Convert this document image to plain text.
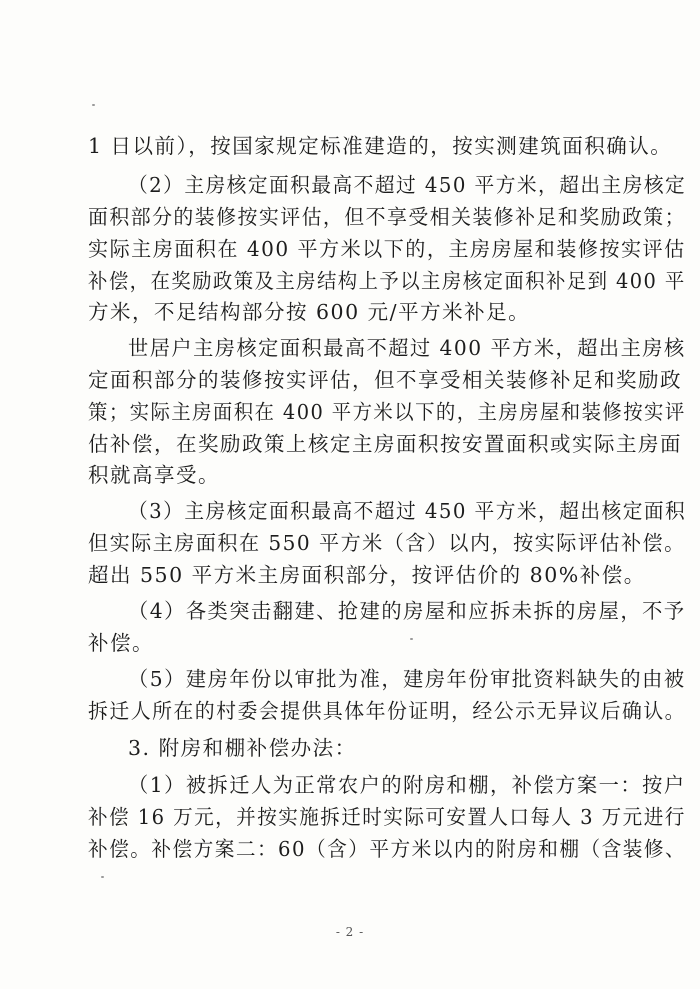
1 日以前），按国家规定标准建造的，按实测建筑面积确认。
（2）主房核定面积最高不超过 450 平方米，超出主房核定
面积部分的装修按实评估，但不享受相关装修补足和奖励政策；
实际主房面积在 400 平方米以下的，主房房屋和装修按实评估
补偿，在奖励政策及主房结构上予以主房核定面积补足到 400 平
方米，不足结构部分按 600 元/平方米补足。
世居户主房核定面积最高不超过 400 平方米，超出主房核
定面积部分的装修按实评估，但不享受相关装修补足和奖励政
策；实际主房面积在 400 平方米以下的，主房房屋和装修按实评
估补偿，在奖励政策上核定主房面积按安置面积或实际主房面
积就高享受。
（3）主房核定面积最高不超过 450 平方米，超出核定面积
但实际主房面积在 550 平方米（含）以内，按实际评估补偿。
超出 550 平方米主房面积部分，按评估价的 80%补偿。
（4）各类突击翻建、抢建的房屋和应拆未拆的房屋，不予
补偿。
（5）建房年份以审批为准，建房年份审批资料缺失的由被
拆迁人所在的村委会提供具体年份证明，经公示无异议后确认。
3. 附房和棚补偿办法：
（1）被拆迁人为正常农户的附房和棚，补偿方案一：按户
补偿 16 万元，并按实施拆迁时实际可安置人口每人 3 万元进行
补偿。补偿方案二：60（含）平方米以内的附房和棚（含装修、
- 2 -
